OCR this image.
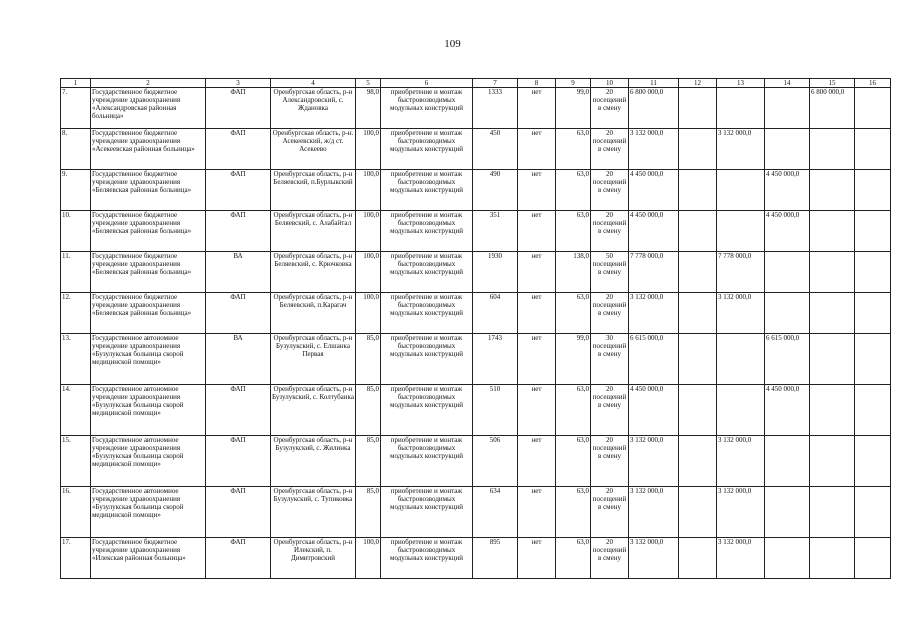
109
1	2	3	4	5	6	7	8	9	10	11	12	13	14	15	16
7.	Государственное бюджетное учреждение здравоохранения «Александровская районная больница»	ФАП	Оренбургская область, р-н Александровский, с. Ждановка	98,0	приобретение и монтаж быстровозводимых модульных конструкций	1333	нет	99,0	20 посещений в смену	6 800 000,0				6 800 000,0	
8.	Государственное бюджетное учреждение здравоохранения «Асекеевская районная больница»	ФАП	Оренбургская область, р-н. Асекеевский, ж/д ст. Асекеево	100,0	приобретение и монтаж быстровозводимых модульных конструкций	450	нет	63,0	20 посещений в смену	3 132 000,0		3 132 000,0			
9.	Государственное бюджетное учреждение здравоохранения «Беляевская районная больница»	ФАП	Оренбургская область, р-н Беляевский, п.Бурлыкский	100,0	приобретение и монтаж быстровозводимых модульных конструкций	490	нет	63,0	20 посещений в смену	4 450 000,0			4 450 000,0		
10.	Государственное бюджетное учреждение здравоохранения «Беляевская районная больница»	ФАП	Оренбургская область, р-н Беляевский, с. Алабайтал	100,0	приобретение и монтаж быстровозводимых модульных конструкций	351	нет	63,0	20 посещений в смену	4 450 000,0			4 450 000,0		
11.	Государственное бюджетное учреждение здравоохранения «Беляевская районная больница»	ВА	Оренбургская область, р-н Беляевский, с. Крючковка	100,0	приобретение и монтаж быстровозводимых модульных конструкций	1930	нет	138,0	50 посещений в смену	7 778 000,0		7 778 000,0			
12.	Государственное бюджетное учреждение здравоохранения «Беляевская районная больница»	ФАП	Оренбургская область, р-н Беляевский, п.Карагач	100,0	приобретение и монтаж быстровозводимых модульных конструкций	604	нет	63,0	20 посещений в смену	3 132 000,0		3 132 000,0			
13.	Государственное автономное учреждение здравоохранения «Бузулукская больница скорой медицинской помощи»	ВА	Оренбургская область, р-н Бузулукский, с. Елшанка Первая	85,0	приобретение и монтаж быстровозводимых модульных конструкций	1743	нет	99,0	30 посещений в смену	6 615 000,0			6 615 000,0		
14.	Государственное автономное учреждение здравоохранения «Бузулукская больница скорой медицинской помощи»	ФАП	Оренбургская область, р-н Бузулукский, с. Колтубанка	85,0	приобретение и монтаж быстровозводимых модульных конструкций	510	нет	63,0	20 посещений в смену	4 450 000,0			4 450 000,0		
15.	Государственное автономное учреждение здравоохранения «Бузулукская больница скорой медицинской помощи»	ФАП	Оренбургская область, р-н Бузулукский, с. Жилинка	85,0	приобретение и монтаж быстровозводимых модульных конструкций	506	нет	63,0	20 посещений в смену	3 132 000,0		3 132 000,0			
16.	Государственное автономное учреждение здравоохранения «Бузулукская больница скорой медицинской помощи»	ФАП	Оренбургская область, р-н Бузулукский, с. Тупиковка	85,0	приобретение и монтаж быстровозводимых модульных конструкций	634	нет	63,0	20 посещений в смену	3 132 000,0		3 132 000,0			
17.	Государственное бюджетное учреждение здравоохранения «Илекская районная больница»	ФАП	Оренбургская область, р-н Илекский, п. Димитровский	100,0	приобретение и монтаж быстровозводимых модульных конструкций	895	нет	63,0	20 посещений в смену	3 132 000,0		3 132 000,0			
